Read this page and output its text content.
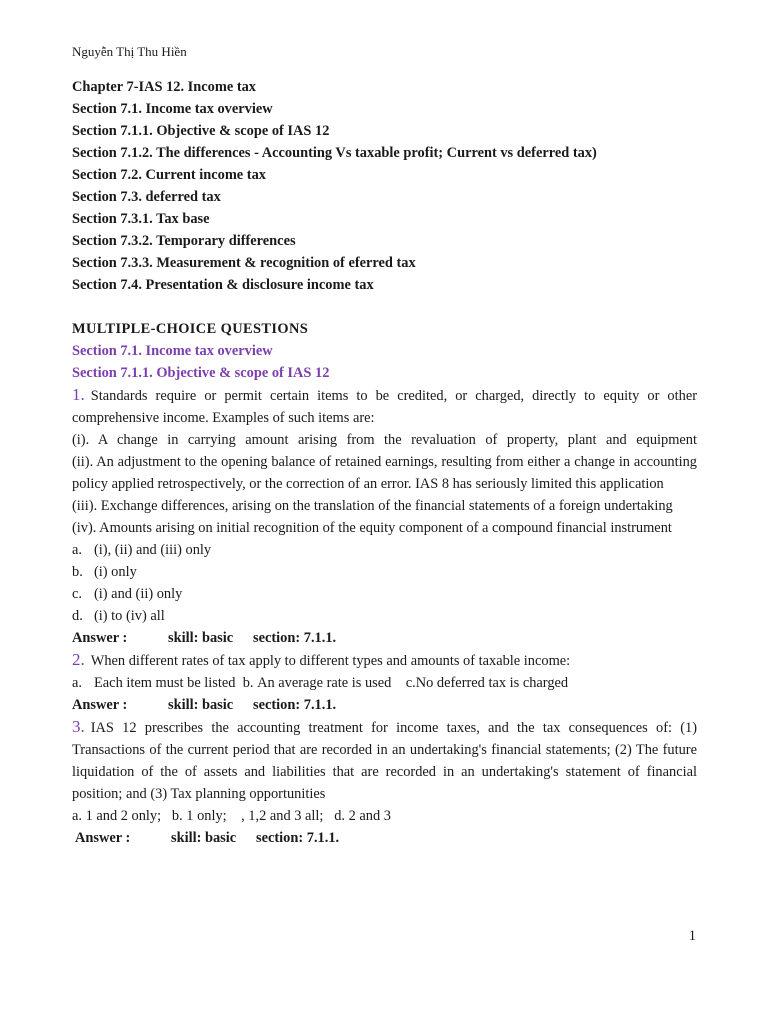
Nguyễn Thị Thu Hiền
Chapter 7-IAS 12. Income tax
Section 7.1. Income tax overview
Section 7.1.1. Objective & scope of IAS 12
Section 7.1.2. The differences - Accounting Vs taxable profit; Current vs deferred tax)
Section 7.2. Current income tax
Section 7.3. deferred tax
Section 7.3.1. Tax base
Section 7.3.2. Temporary differences
Section 7.3.3. Measurement & recognition of eferred tax
Section 7.4. Presentation & disclosure income tax
MULTIPLE-CHOICE QUESTIONS
Section 7.1. Income tax overview
Section 7.1.1. Objective & scope of IAS 12
1. Standards require or permit certain items to be credited, or charged, directly to equity or other comprehensive income. Examples of such items are:
(i). A change in carrying amount arising from the revaluation of property, plant and equipment
(ii). An adjustment to the opening balance of retained earnings, resulting from either a change in accounting policy applied retrospectively, or the correction of an error. IAS 8 has seriously limited this application
(iii). Exchange differences, arising on the translation of the financial statements of a foreign undertaking
(iv). Amounts arising on initial recognition of the equity component of a compound financial instrument
a. (i), (ii) and (iii) only
b. (i) only
c. (i) and (ii) only
d. (i) to (iv) all
Answer :	skill: basic section: 7.1.1.
2. When different rates of tax apply to different types and amounts of taxable income:
a. Each item must be listed b. An average rate is used c.No deferred tax is charged
Answer :	skill: basic section: 7.1.1.
3. IAS 12 prescribes the accounting treatment for income taxes, and the tax consequences of: (1) Transactions of the current period that are recorded in an undertaking's financial statements; (2) The future liquidation of the of assets and liabilities that are recorded in an undertaking's statement of financial position; and (3) Tax planning opportunities
a. 1 and 2 only;   b. 1 only;    , 1,2 and 3 all;   d. 2 and 3
Answer :	skill: basic section: 7.1.1.
1
